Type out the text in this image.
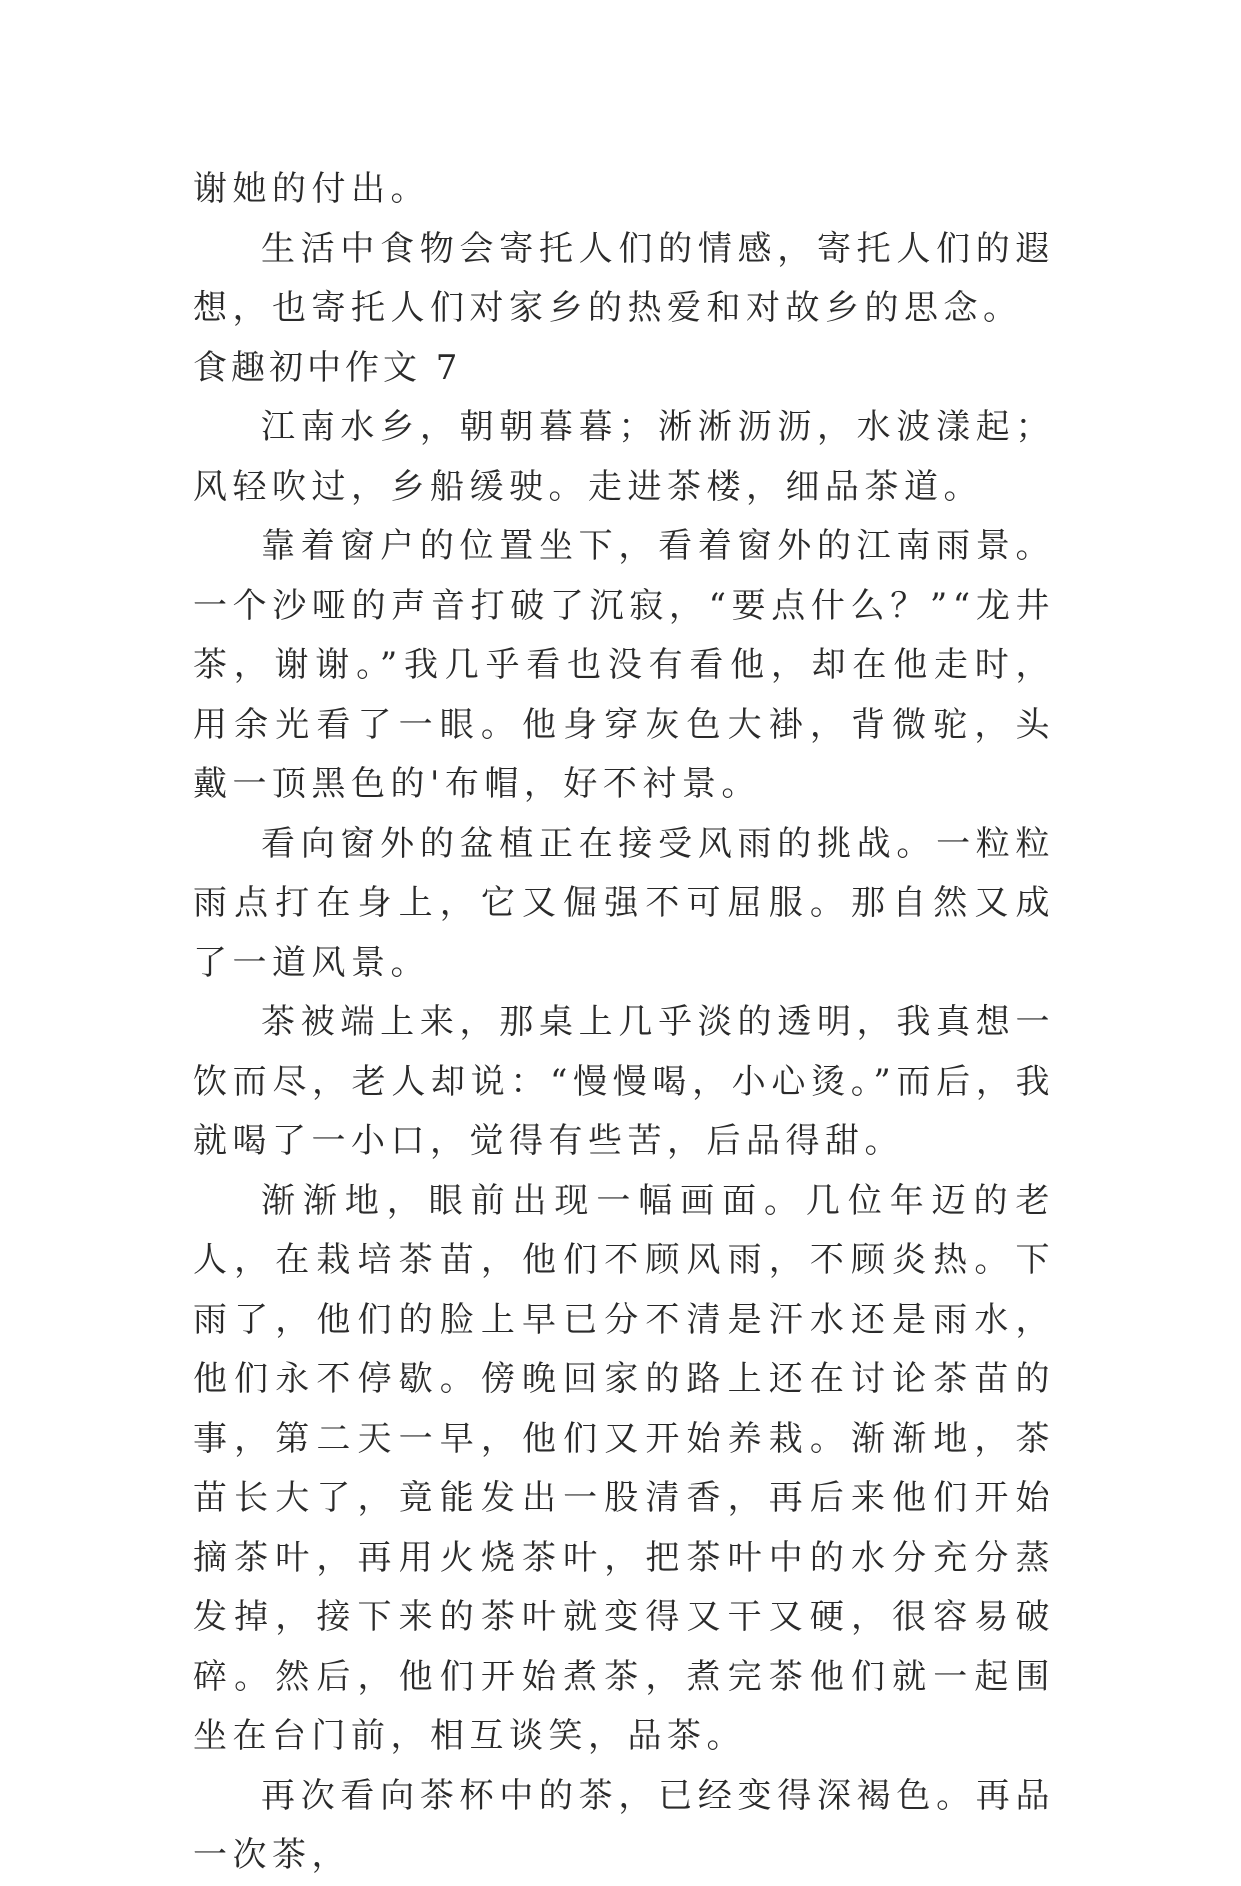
谢她的付出。

生活中食物会寄托人们的情感，寄托人们的遐想，也寄托人们对家乡的热爱和对故乡的思念。

食趣初中作文 7

江南水乡，朝朝暮暮；淅淅沥沥，水波漾起；风轻吹过，乡船缓驶。走进茶楼，细品茶道。

靠着窗户的位置坐下，看着窗外的江南雨景。一个沙哑的声音打破了沉寂，“要点什么？”“龙井茶，谢谢。”我几乎看也没有看他，却在他走时，用余光看了一眼。他身穿灰色大褂，背微驼，头戴一顶黑色的'布帽，好不衬景。

看向窗外的盆植正在接受风雨的挑战。一粒粒雨点打在身上，它又倔强不可屈服。那自然又成了一道风景。

茶被端上来，那桌上几乎淡的透明，我真想一饮而尽，老人却说：“慢慢喝，小心烫。”而后，我就喝了一小口，觉得有些苦，后品得甜。

渐渐地，眼前出现一幅画面。几位年迈的老人，在栽培茶苗，他们不顾风雨，不顾炎热。下雨了，他们的脸上早已分不清是汗水还是雨水，他们永不停歇。傍晚回家的路上还在讨论茶苗的事，第二天一早，他们又开始养栽。渐渐地，茶苗长大了，竟能发出一股清香，再后来他们开始摘茶叶，再用火烧茶叶，把茶叶中的水分充分蒸发掉，接下来的茶叶就变得又干又硬，很容易破碎。然后，他们开始煮茶，煮完茶他们就一起围坐在台门前，相互谈笑，品茶。

再次看向茶杯中的茶，已经变得深褐色。再品一次茶，
